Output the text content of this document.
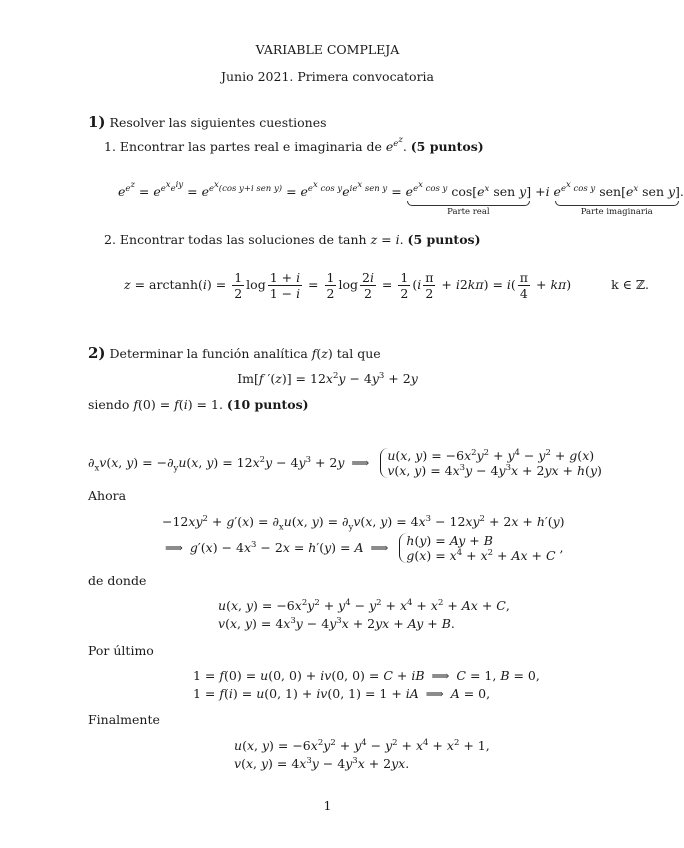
VARIABLE COMPLEJA
Junio 2021. Primera convocatoria
1) Resolver las siguientes cuestiones
1. Encontrar las partes real e imaginaria de $e^{e^z}$. (5 puntos)
$e^{e^z} = e^{e^xe^{iy}} = e^{e^x(cos y+i sen y)} = e^{e^x cos y}e^{ie^x sen y} = e^{e^x cos y}$ $\cos[e^x$ sen y]
Parte real
+i $e^{e^x cos y}$ $sen[e^x$ sen y]
Parte imaginaria
.
2. Encontrar todas las soluciones de tanh z = i. (5 puntos)
$z = \arctan h(i) = \frac{1}{2}$ $\log \frac{1 + i}{1 - i} = \frac{1}{2}$ $\log \frac{2i}{2} = \frac{1}{2} (i \frac{\pi}{2} + i2k\pi) = i( \frac{\pi}{4} + k\pi)$	k ∈ ℤ.
2) Determinar la función analítica f(z) tal que
Im[f $'(z)] = 12x^2y - 4y^3 + 2y$
siendo f(0) = f(i) = 1. (10 puntos)
$\partial_xv(x$, $y) = -\partial_yu(x$, $y) = 12x^2y - 4y^3 + 2y$ ⟹ u(x, $y) = -6x^2y^2 + y^4 - y^2 + g(x)$
v(x, $y) = 4x^3y - 4y^3x + 2yx + h(y)$
Ahora
$-12xy^2 + g'(x) = \partial_xu(x$, $y) = \partial_yv(x$, $y) = 4x^3 - 12xy^2 + 2x + h'(y)$
⟹ $g'(x) - 4x^3 - 2x = h'(y) = A$ ⟹ h(y) = Ay + B
$g(x) = x^4 + x^2 + Ax + C$
,
de donde
u(x, $y) = -6x^2y^2 + y^4 - y^2 + x^4 + x^2 + Ax + C$,
v(x, $y) = 4x^3y - 4y^3x + 2yx + Ay + B$.
Por último
1 = f(0) = u(0, 0) + iv(0, 0) = C + iB ⟹ C = 1, B = 0,
1 = f(i) = u(0, 1) + iv(0, 1) = 1 + iA ⟹ A = 0,
Finalmente
u(x, $y) = -6x^2y^2 + y^4 - y^2 + x^4 + x^2 + 1$,
v(x, $y) = 4x^3y - 4y^3x + 2yx$.
1
